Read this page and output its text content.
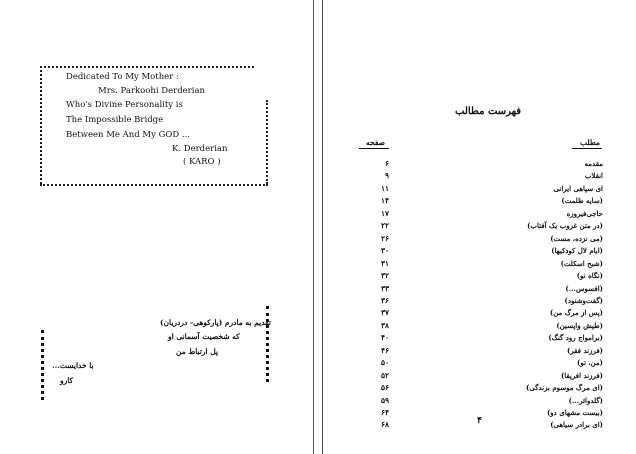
Dedicated To My Mother :
Mrs. Parkoohi Derderian
Who's Divine Personality is
The Impossible Bridge
Between Me And My GOD ...
K. Derderian
( KARO )
تقدیم به مادرم (پارکوهی- دردریان)
که شخصیت آسمانی او
پل ارتباط من
با خدایست...
کارو
فهرست مطالب
مطلب
صفحه
مقدمه
۶
انقلاب
۹
ای سپاهی ایرانی
۱۱
(سایه ظلمت)
۱۴
حاجی‌فیروزه
۱۷
(در متن غروب یک آفتاب)
۲۲
(می نزده، مست)
۲۶
(ایام لال کودکیها)
۳۰
(شبح اسکلت)
۳۱
(نگاه نو)
۳۲
(افسوس...)
۳۳
(گفت‌وشنود)
۳۶
(پس از مرگ من)
۳۷
(طپش واپسین)
۳۸
(برامواج رود گنگ)
۴۰
(فرزند فقر)
۴۶
(من، تو)
۵۰
(فرزند افریقا)
۵۲
(ای مرگ موسوم بزندگی)
۵۶
(گلدوائر...)
۵۹
(بیست مشهای دو)
۶۴
(ای برادر سیاهی)
۶۸	۴
